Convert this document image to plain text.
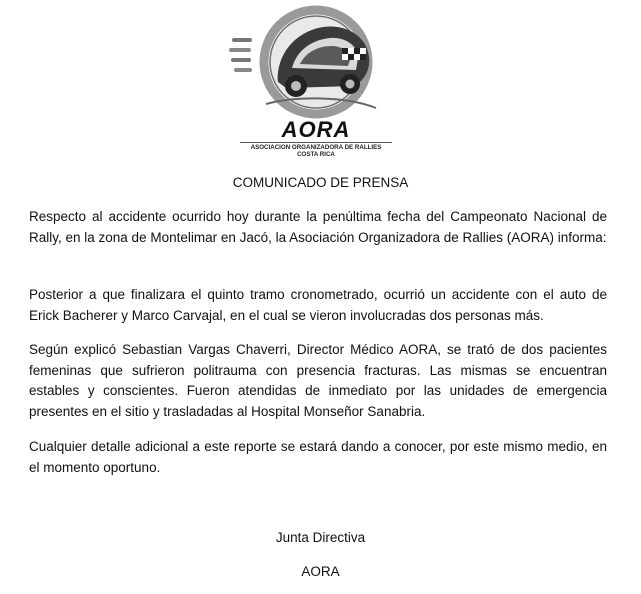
AORA
ASOCIACION ORGANIZADORA DE RALLIES
COSTA RICA
COMUNICADO DE PRENSA

Respecto al accidente ocurrido hoy durante la penúltima fecha del Campeonato Nacional de Rally, en la zona de Montelimar en Jacó, la Asociación Organizadora de Rallies (AORA) informa:

Posterior a que finalizara el quinto tramo cronometrado, ocurrió un accidente con el auto de Erick Bacherer y Marco Carvajal, en el cual se vieron involucradas dos personas más.

Según explicó Sebastian Vargas Chaverri, Director Médico AORA, se trató de dos pacientes femeninas que sufrieron politrauma con presencia fracturas. Las mismas se encuentran estables y conscientes. Fueron atendidas de inmediato por las unidades de emergencia presentes en el sitio y trasladadas al Hospital Monseñor Sanabria.

Cualquier detalle adicional a este reporte se estará dando a conocer, por este mismo medio, en el momento oportuno.

Junta Directiva
AORA
